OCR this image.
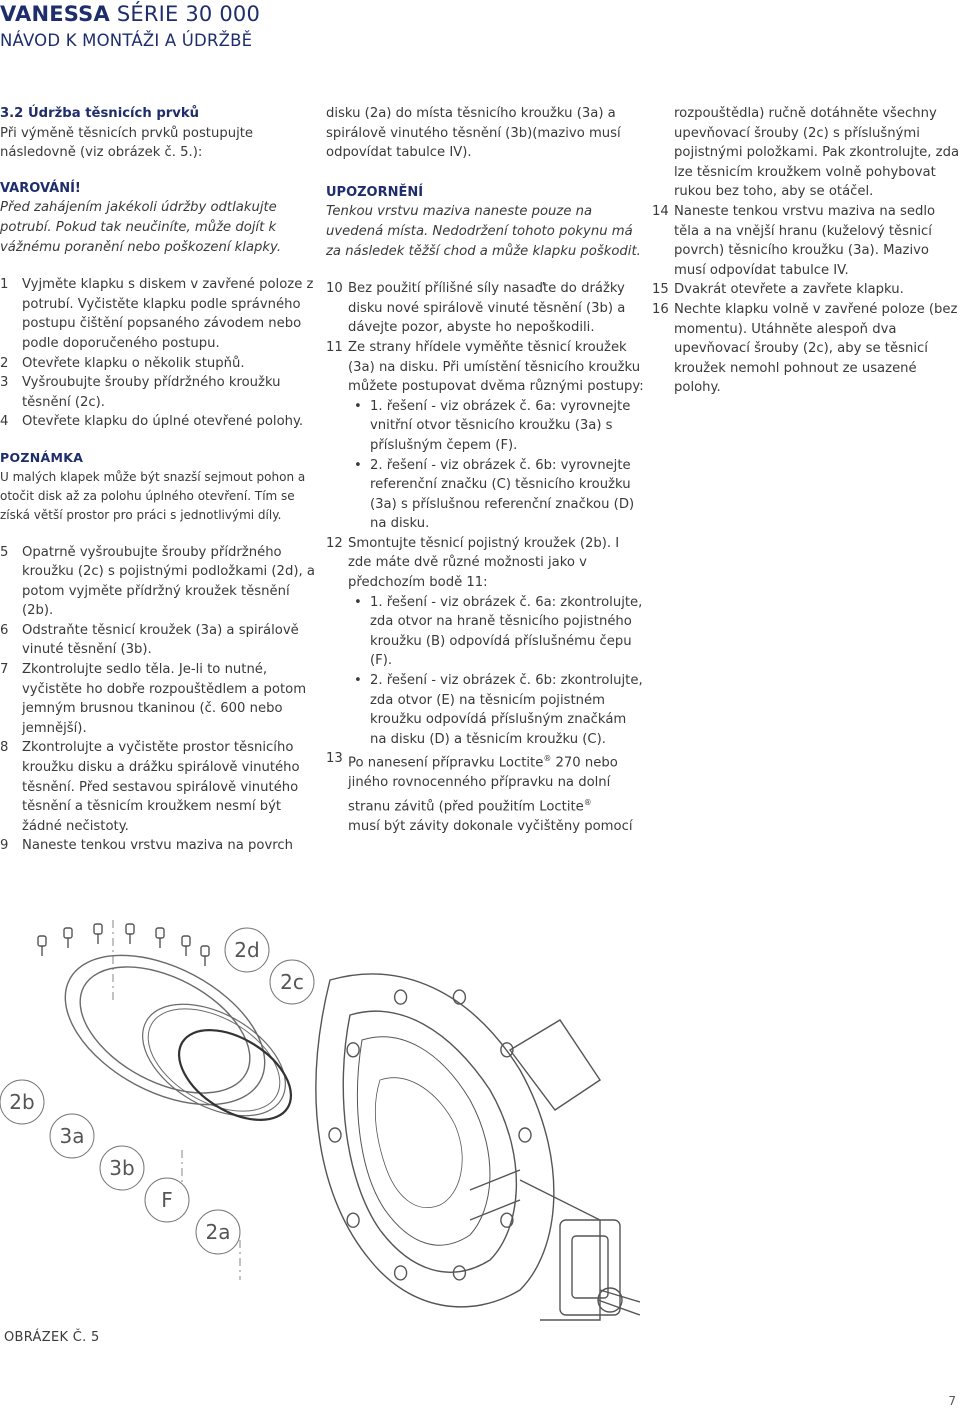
VANESSA SÉRIE 30 000
NÁVOD K MONTÁŽI A ÚDRŽBĚ
3.2 Údržba těsnicích prvků
Při výměně těsnicích prvků postupujte následovně (viz obrázek č. 5.):
VAROVÁNÍ!
Před zahájením jakékoli údržby odtlakujte potrubí. Pokud tak neučiníte, může dojít k vážnému poranění nebo poškození klapky.
1 Vyjměte klapku s diskem v zavřené poloze z potrubí. Vyčistěte klapku podle správného postupu čištění popsaného závodem nebo podle doporučeného postupu.
2 Otevřete klapku o několik stupňů.
3 Vyšroubujte šrouby přídržného kroužku těsnění (2c).
4 Otevřete klapku do úplné otevřené polohy.
POZNÁMKA
U malých klapek může být snazší sejmout pohon a otočit disk až za polohu úplného otevření. Tím se získá větší prostor pro práci s jednotlivými díly.
5 Opatrně vyšroubujte šrouby přídržného kroužku (2c) s pojistnými podložkami (2d), a potom vyjměte přídržný kroužek těsnění (2b).
6 Odstraňte těsnicí kroužek (3a) a spirálově vinuté těsnění (3b).
7 Zkontrolujte sedlo těla. Je-li to nutné, vyčistěte ho dobře rozpouštědlem a potom jemným brusnou tkaninou (č. 600 nebo jemnější).
8 Zkontrolujte a vyčistěte prostor těsnicího kroužku disku a drážku spirálově vinutého těsnění. Před sestavou spirálově vinutého těsnění a těsnicím kroužkem nesmí být žádné nečistoty.
9 Naneste tenkou vrstvu maziva na povrch
disku (2a) do místa těsnicího kroužku (3a) a spirálově vinutého těsnění (3b)(mazivo musí odpovídat tabulce IV).
UPOZORNĚNÍ
Tenkou vrstvu maziva naneste pouze na uvedená místa. Nedodržení tohoto pokynu má za následek těžší chod a může klapku poškodit.
10 Bez použití přílišné síly nasaďte do drážky disku nové spirálově vinuté těsnění (3b) a dávejte pozor, abyste ho nepoškodili.
11 Ze strany hřídele vyměňte těsnicí kroužek (3a) na disku. Při umístění těsnicího kroužku můžete postupovat dvěma různými postupy:
• 1. řešení - viz obrázek č. 6a: vyrovnejte vnitřní otvor těsnicího kroužku (3a) s příslušným čepem (F).
• 2. řešení - viz obrázek č. 6b: vyrovnejte referenční značku (C) těsnicího kroužku (3a) s příslušnou referenční značkou (D) na disku.
12 Smontujte těsnicí pojistný kroužek (2b). I zde máte dvě různé možnosti jako v předchozím bodě 11:
• 1. řešení - viz obrázek č. 6a: zkontrolujte, zda otvor na hraně těsnicího pojistného kroužku (B) odpovídá příslušnému čepu (F).
• 2. řešení - viz obrázek č. 6b: zkontrolujte, zda otvor (E) na těsnicím pojistném kroužku odpovídá příslušným značkám na disku (D) a těsnicím kroužku (C).
13 Po nanesení přípravku Loctite® 270 nebo jiného rovnocenného přípravku na dolní stranu závitů (před použitím Loctite®
musí být závity dokonale vyčištěny pomocí
rozpouštědla) ručně dotáhněte všechny upevňovací šrouby (2c) s příslušnými pojistnými položkami. Pak zkontrolujte, zda lze těsnicím kroužkem volně pohybovat rukou bez toho, aby se otáčel.
14 Naneste tenkou vrstvu maziva na sedlo těla a na vnější hranu (kuželový těsnicí povrch) těsnicího kroužku (3a). Mazivo musí odpovídat tabulce IV.
15 Dvakrát otevřete a zavřete klapku.
16 Nechte klapku volně v zavřené poloze (bez momentu). Utáhněte alespoň dva upevňovací šrouby (2c), aby se těsnicí kroužek nemohl pohnout ze usazené polohy.
2d
2c
2b
3a
3b
F
2a
OBRÁZEK Č. 5
7
